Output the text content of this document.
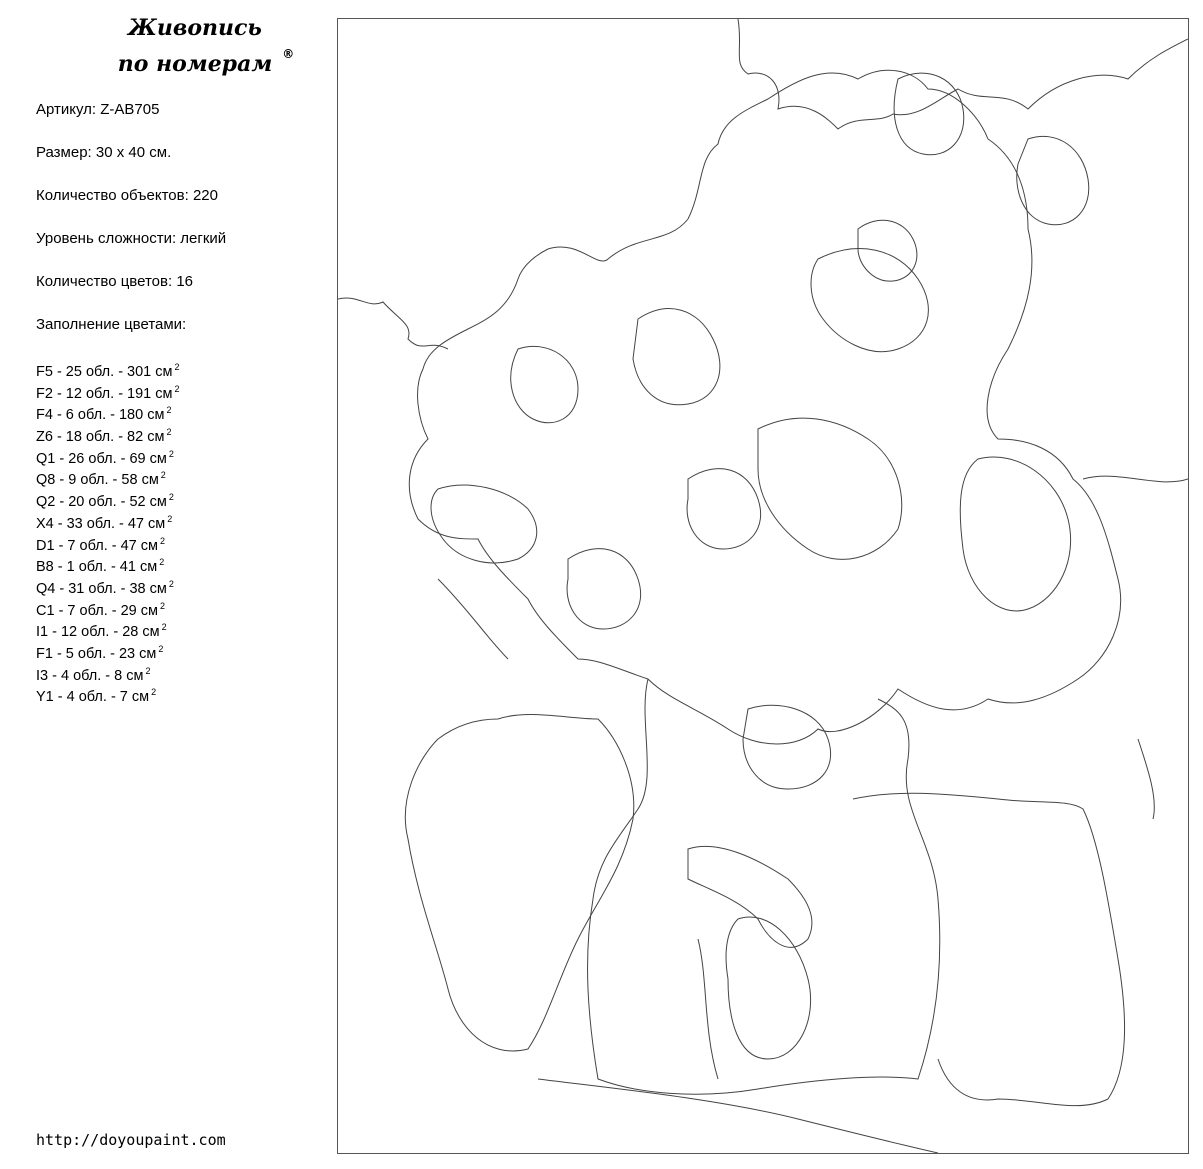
Живопись
по номерам ®
Артикул: Z-AB705
Размер: 30 x 40 см.
Количество объектов: 220
Уровень сложности: легкий
Количество цветов: 16
Заполнение цветами:
F5 - 25 обл. - 301 см $^2$
F2 - 12 обл. - 191 см $^2$
F4 - 6 обл. - 180 см $^2$
Z6 - 18 обл. - 82 см $^2$
Q1 - 26 обл. - 69 см $^2$
Q8 - 9 обл. - 58 см $^2$
Q2 - 20 обл. - 52 см $^2$
X4 - 33 обл. - 47 см $^2$
D1 - 7 обл. - 47 см $^2$
B8 - 1 обл. - 41 см $^2$
Q4 - 31 обл. - 38 см $^2$
C1 - 7 обл. - 29 см $^2$
I1 - 12 обл. - 28 см $^2$
F1 - 5 обл. - 23 см $^2$
I3 - 4 обл. - 8 см $^2$
Y1 - 4 обл. - 7 см $^2$
http://doyoupaint.com
